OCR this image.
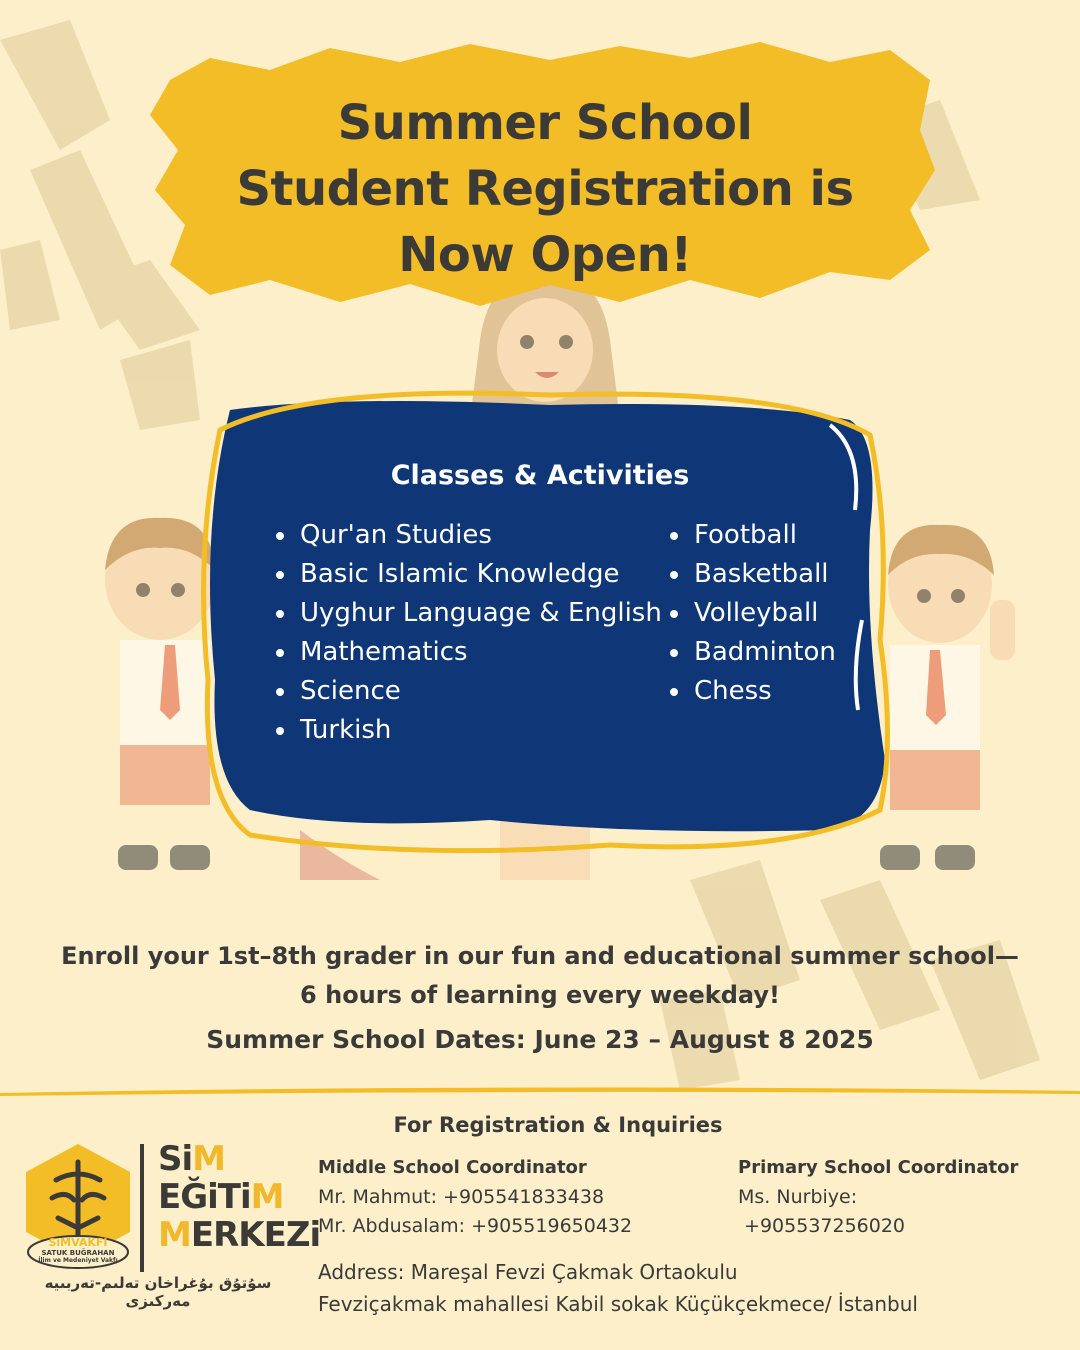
Summer School
Student Registration is
Now Open!
Classes & Activities
Qur'an Studies
Basic Islamic Knowledge
Uyghur Language & English
Mathematics
Science
Turkish
Football
Basketball
Volleyball
Badminton
Chess
Enroll your 1st–8th grader in our fun and educational summer school—
6 hours of learning every weekday!
Summer School Dates: June 23 – August 8 2025
For Registration & Inquiries
Middle School Coordinator
Mr. Mahmut: +905541833438
Mr. Abdusalam: +905519650432
Primary School Coordinator
Ms. Nurbiye:
+905537256020
Address: Mareşal Fevzi Çakmak Ortaokulu
Fevziçakmak mahallesi Kabil sokak Küçükçekmece/ İstanbul
SiMVAKFI
SATUK BUĞRAHAN
İlim ve Medeniyet Vakfı
SiM
EĞiTiM
MERKEZi
سۇتۇق بۇغراخان تەلىم-تەربىيە مەركىزى
